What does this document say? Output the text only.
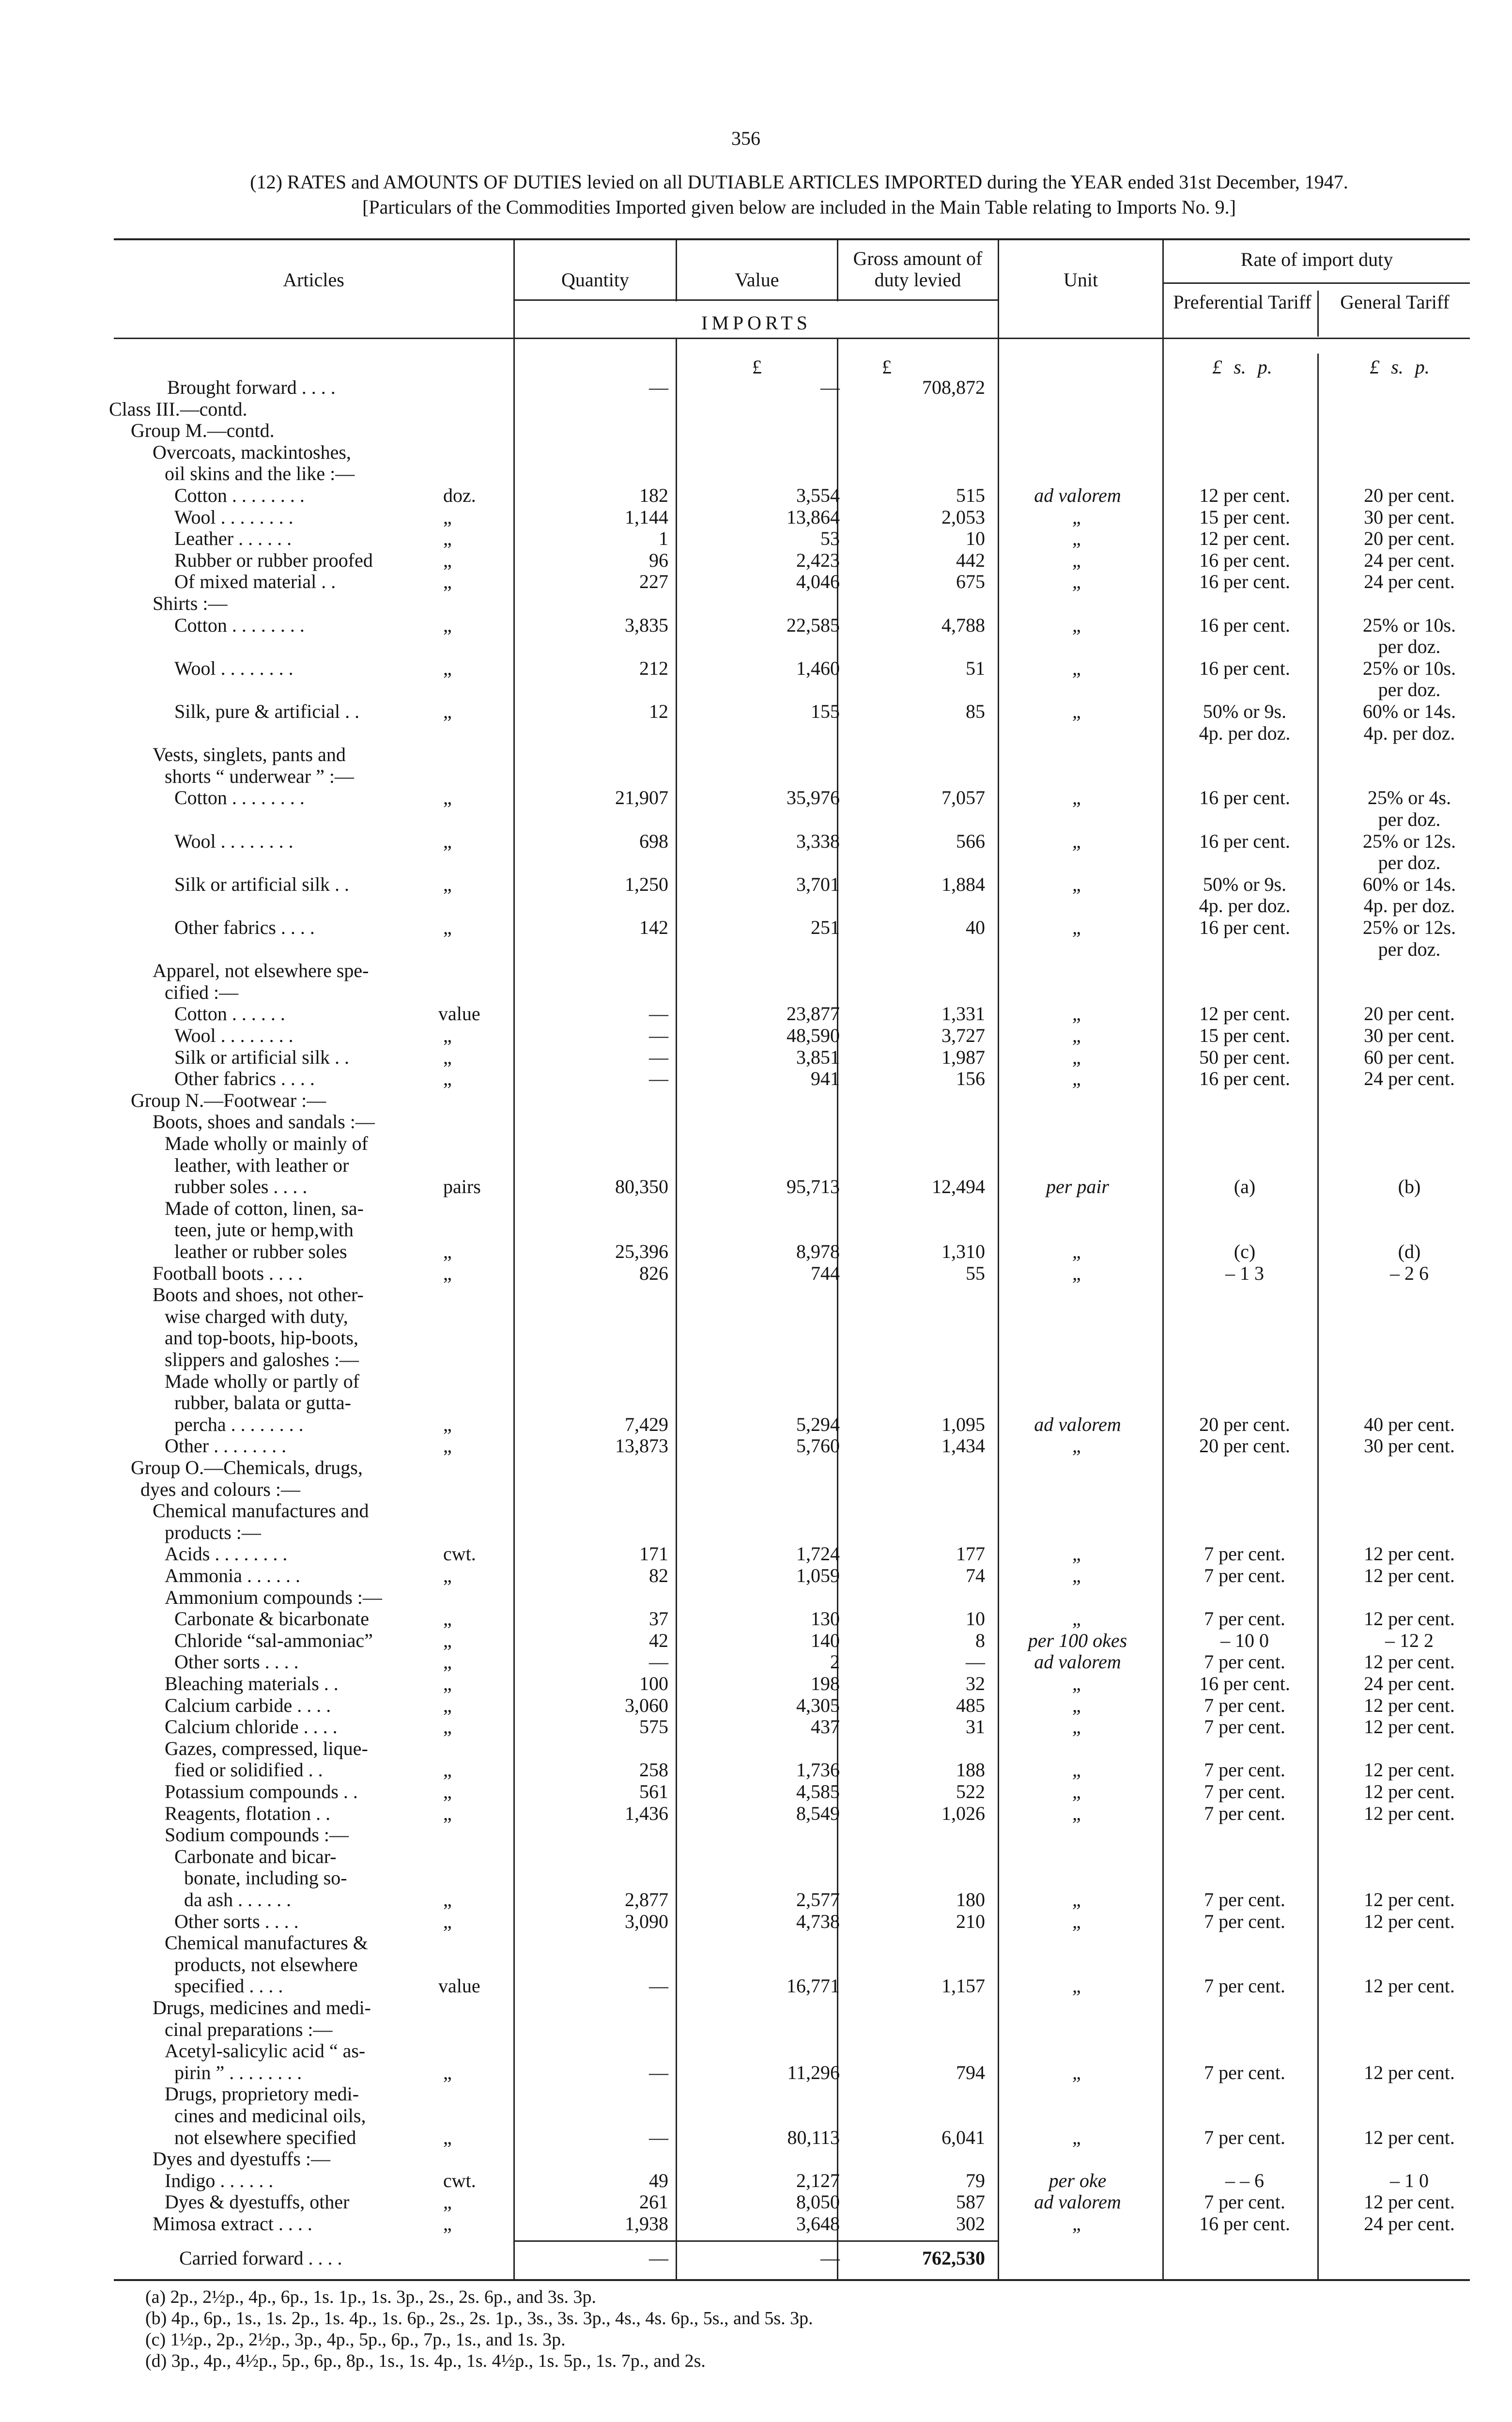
356
(12) RATES and AMOUNTS OF DUTIES levied on all DUTIABLE ARTICLES IMPORTED during the YEAR ended 31st December, 1947.
[Particulars of the Commodities Imported given below are included in the Main Table relating to Imports No. 9.]
Articles	Quantity	Value
Gross amount of duty levied	Unit
Rate of import duty
Preferential Tariff	General Tariff
IMPORTS
£	£	£ s. p.	£ s. p.
Brought forward . . . .	—	—	708,872
Class III.—contd.
Group M.—contd.
Overcoats, mackintoshes,
oil skins and the like :—
Cotton . . . . . . . .	doz.	182	3,554	515	ad valorem	12 per cent.	20 per cent.
Wool . . . . . . . .	„	1,144	13,864	2,053	„	15 per cent.	30 per cent.
Leather . . . . . .	„	1	53	10	„	12 per cent.	20 per cent.
Rubber or rubber proofed	„	96	2,423	442	„	16 per cent.	24 per cent.
Of mixed material . .	„	227	4,046	675	„	16 per cent.	24 per cent.
Shirts :—
Cotton . . . . . . . .	„	3,835	22,585	4,788	„	16 per cent.	25% or 10s.
per doz.
Wool . . . . . . . .	„	212	1,460	51	„	16 per cent.	25% or 10s.
per doz.
Silk, pure & artificial . .	„	12	155	85	„	50% or 9s.	60% or 14s.
4p. per doz.	4p. per doz.
Vests, singlets, pants and
shorts “ underwear ” :—
Cotton . . . . . . . .	„	21,907	35,976	7,057	„	16 per cent.	25% or 4s.
per doz.
Wool . . . . . . . .	„	698	3,338	566	„	16 per cent.	25% or 12s.
per doz.
Silk or artificial silk . .	„	1,250	3,701	1,884	„	50% or 9s.	60% or 14s.
4p. per doz.	4p. per doz.
Other fabrics . . . .	„	142	251	40	„	16 per cent.	25% or 12s.
per doz.
Apparel, not elsewhere spe-
cified :—
Cotton . . . . . .	value	—	23,877	1,331	„	12 per cent.	20 per cent.
Wool . . . . . . . .	„	—	48,590	3,727	„	15 per cent.	30 per cent.
Silk or artificial silk . .	„	—	3,851	1,987	„	50 per cent.	60 per cent.
Other fabrics . . . .	„	—	941	156	„	16 per cent.	24 per cent.
Group N.—Footwear :—
Boots, shoes and sandals :—
Made wholly or mainly of
leather, with leather or
rubber soles . . . .	pairs	80,350	95,713	12,494	per pair	(a)	(b)
Made of cotton, linen, sa-
teen, jute or hemp,with
leather or rubber soles	„	25,396	8,978	1,310	„	(c)	(d)
Football boots . . . .	„	826	744	55	„	– 1 3	– 2 6
Boots and shoes, not other-
wise charged with duty,
and top-boots, hip-boots,
slippers and galoshes :—
Made wholly or partly of
rubber, balata or gutta-
percha . . . . . . . .	„	7,429	5,294	1,095	ad valorem	20 per cent.	40 per cent.
Other . . . . . . . .	„	13,873	5,760	1,434	„	20 per cent.	30 per cent.
Group O.—Chemicals, drugs,
dyes and colours :—
Chemical manufactures and
products :—
Acids . . . . . . . .	cwt.	171	1,724	177	„	7 per cent.	12 per cent.
Ammonia . . . . . .	„	82	1,059	74	„	7 per cent.	12 per cent.
Ammonium compounds :—
Carbonate & bicarbonate	„	37	130	10	„	7 per cent.	12 per cent.
Chloride “sal-ammoniac”	„	42	140	8	per 100 okes	– 10 0	– 12 2
Other sorts . . . .	„	—	2	—	ad valorem	7 per cent.	12 per cent.
Bleaching materials . .	„	100	198	32	„	16 per cent.	24 per cent.
Calcium carbide . . . .	„	3,060	4,305	485	„	7 per cent.	12 per cent.
Calcium chloride . . . .	„	575	437	31	„	7 per cent.	12 per cent.
Gazes, compressed, lique-
fied or solidified . .	„	258	1,736	188	„	7 per cent.	12 per cent.
Potassium compounds . .	„	561	4,585	522	„	7 per cent.	12 per cent.
Reagents, flotation . .	„	1,436	8,549	1,026	„	7 per cent.	12 per cent.
Sodium compounds :—
Carbonate and bicar-
bonate, including so-
da ash . . . . . .	„	2,877	2,577	180	„	7 per cent.	12 per cent.
Other sorts . . . .	„	3,090	4,738	210	„	7 per cent.	12 per cent.
Chemical manufactures &
products, not elsewhere
specified . . . .	value	—	16,771	1,157	„	7 per cent.	12 per cent.
Drugs, medicines and medi-
cinal preparations :—
Acetyl-salicylic acid “ as-
pirin ” . . . . . . . .	„	—	11,296	794	„	7 per cent.	12 per cent.
Drugs, proprietory medi-
cines and medicinal oils,
not elsewhere specified	„	—	80,113	6,041	„	7 per cent.	12 per cent.
Dyes and dyestuffs :—
Indigo . . . . . .	cwt.	49	2,127	79	per oke	– – 6	– 1 0
Dyes & dyestuffs, other	„	261	8,050	587	ad valorem	7 per cent.	12 per cent.
Mimosa extract . . . .	„	1,938	3,648	302	„	16 per cent.	24 per cent.
Carried forward . . . .	—	—	762,530
(a) 2p., 2½p., 4p., 6p., 1s. 1p., 1s. 3p., 2s., 2s. 6p., and 3s. 3p.
(b) 4p., 6p., 1s., 1s. 2p., 1s. 4p., 1s. 6p., 2s., 2s. 1p., 3s., 3s. 3p., 4s., 4s. 6p., 5s., and 5s. 3p.
(c) 1½p., 2p., 2½p., 3p., 4p., 5p., 6p., 7p., 1s., and 1s. 3p.
(d) 3p., 4p., 4½p., 5p., 6p., 8p., 1s., 1s. 4p., 1s. 4½p., 1s. 5p., 1s. 7p., and 2s.
